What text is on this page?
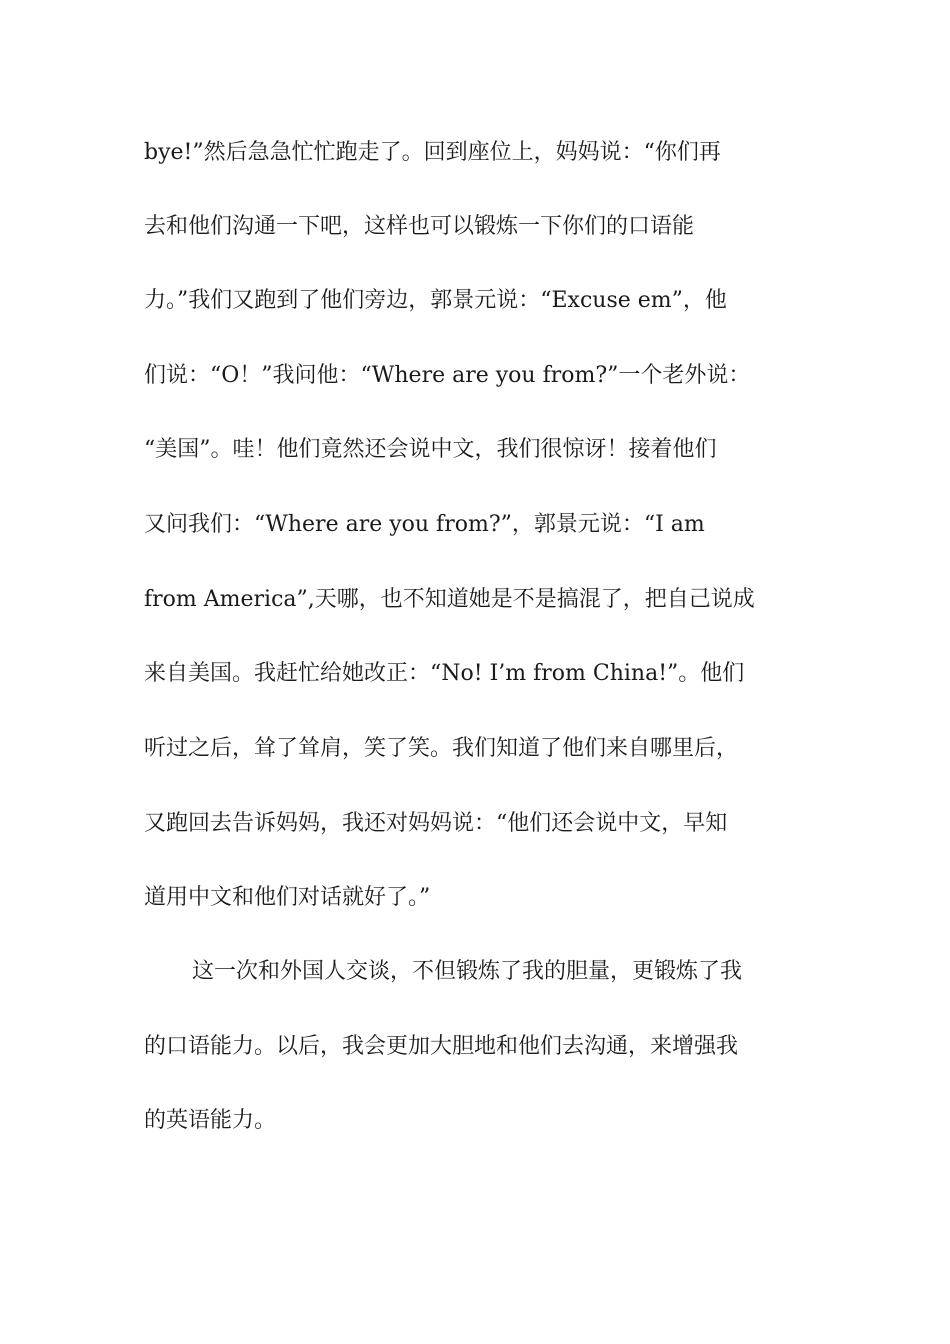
bye!”然后急急忙忙跑走了。回到座位上，妈妈说：“你们再
去和他们沟通一下吧，这样也可以锻炼一下你们的口语能
力。”我们又跑到了他们旁边，郭景元说：“Excuse em”，他
们说：“O！”我问他：“Where are you from?”一个老外说：
“美国”。哇！他们竟然还会说中文，我们很惊讶！接着他们
又问我们：“Where are you from?”，郭景元说：“I am
from America”,天哪，也不知道她是不是搞混了，把自己说成
来自美国。我赶忙给她改正：“No! I’m from China!”。他们
听过之后，耸了耸肩，笑了笑。我们知道了他们来自哪里后，
又跑回去告诉妈妈，我还对妈妈说：“他们还会说中文，早知
道用中文和他们对话就好了。”
这一次和外国人交谈，不但锻炼了我的胆量，更锻炼了我
的口语能力。以后，我会更加大胆地和他们去沟通，来增强我
的英语能力。
